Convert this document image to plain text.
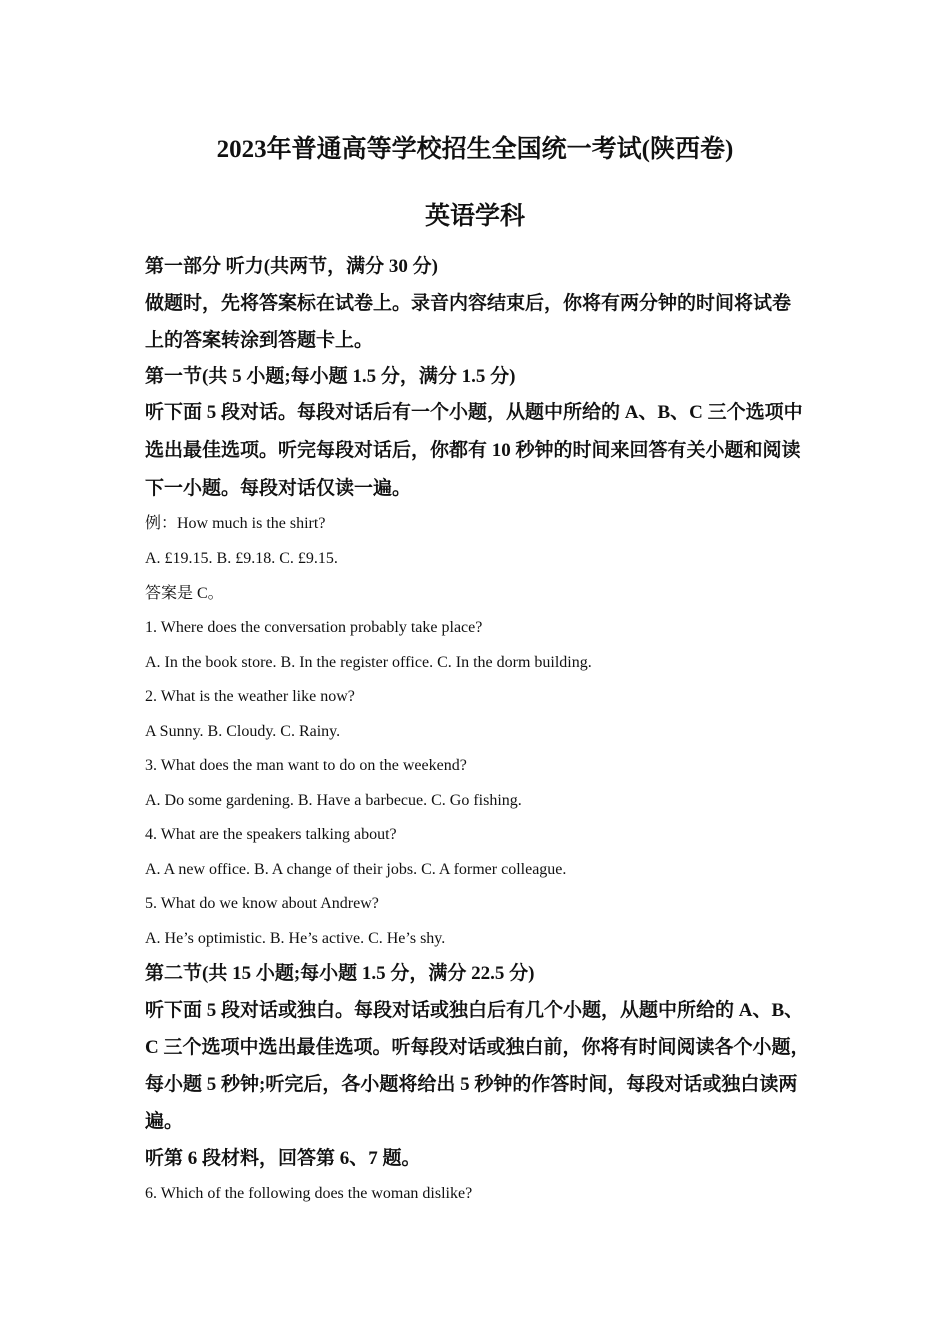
2023年普通高等学校招生全国统一考试(陕西卷)
英语学科
第一部分 听力(共两节，满分 30 分)
做题时，先将答案标在试卷上。录音内容结束后，你将有两分钟的时间将试卷
上的答案转涂到答题卡上。
第一节(共 5 小题;每小题 1.5 分，满分 1.5 分)
听下面 5 段对话。每段对话后有一个小题，从题中所给的 A、B、C 三个选项中
选出最佳选项。听完每段对话后，你都有 10 秒钟的时间来回答有关小题和阅读
下一小题。每段对话仅读一遍。
例：How much is the shirt?
A. £19.15. B. £9.18. C. £9.15.
答案是 C。
1. Where does the conversation probably take place?
A. In the book store. B. In the register office. C. In the dorm building.
2. What is the weather like now?
A Sunny. B. Cloudy. C. Rainy.
3. What does the man want to do on the weekend?
A. Do some gardening. B. Have a barbecue. C. Go fishing.
4. What are the speakers talking about?
A. A new office. B. A change of their jobs. C. A former colleague.
5. What do we know about Andrew?
A. He’s optimistic. B. He’s active. C. He’s shy.
第二节(共 15 小题;每小题 1.5 分，满分 22.5 分)
听下面 5 段对话或独白。每段对话或独白后有几个小题，从题中所给的 A、B、
C 三个选项中选出最佳选项。听每段对话或独白前，你将有时间阅读各个小题，
每小题 5 秒钟;听完后，各小题将给出 5 秒钟的作答时间，每段对话或独白读两
遍。
听第 6 段材料，回答第 6、7 题。
6. Which of the following does the woman dislike?
